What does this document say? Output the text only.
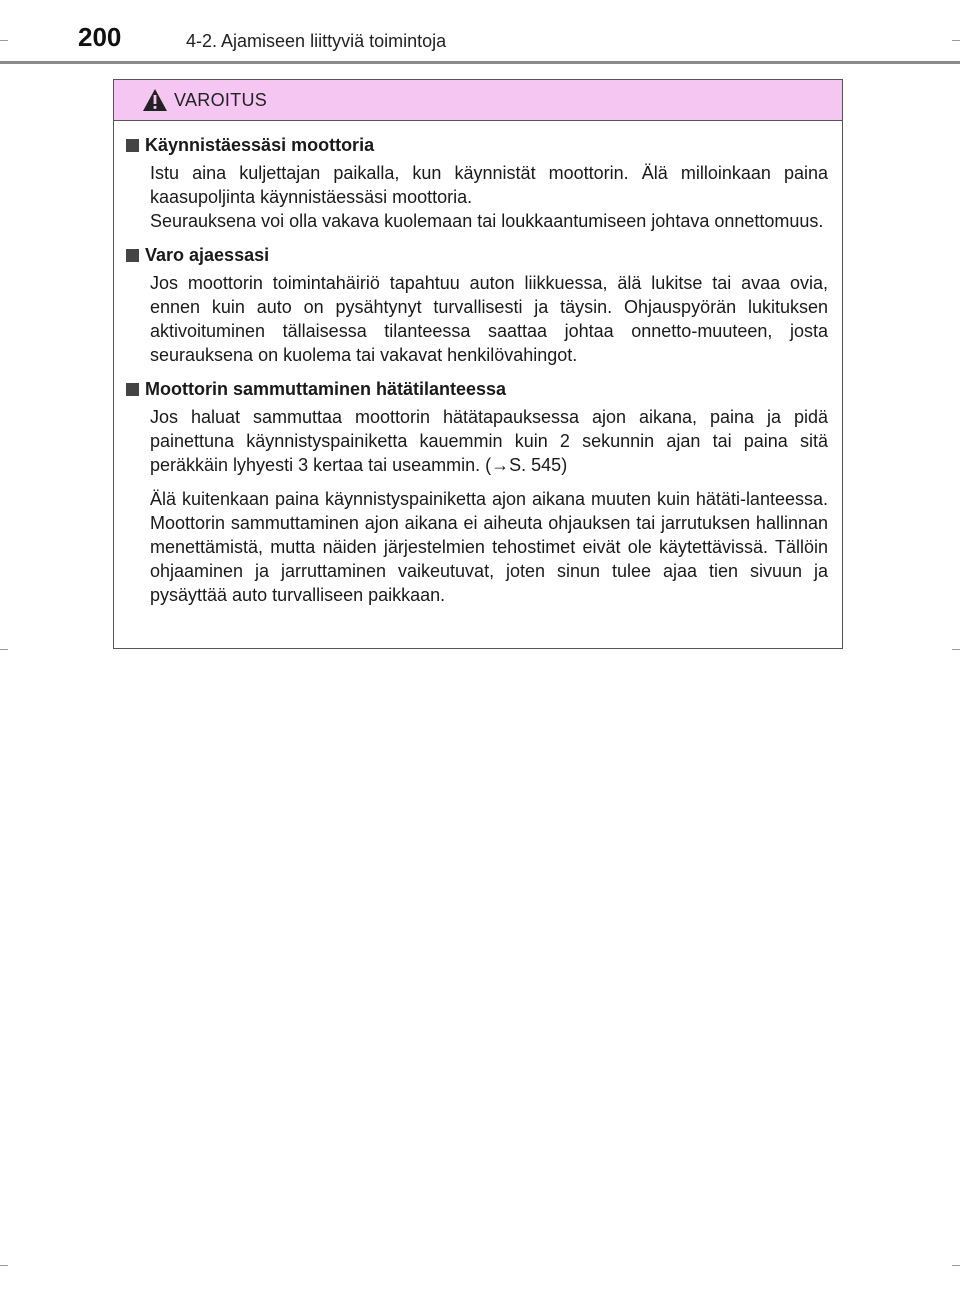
200	4-2. Ajamiseen liittyviä toimintoja
VAROITUS
Käynnistäessäsi moottoria

Istu aina kuljettajan paikalla, kun käynnistät moottorin. Älä milloinkaan paina kaasupoljinta käynnistäessäsi moottoria.

Seurauksena voi olla vakava kuolemaan tai loukkaantumiseen johtava onnettomuus.

Varo ajaessasi

Jos moottorin toimintahäiriö tapahtuu auton liikkuessa, älä lukitse tai avaa ovia, ennen kuin auto on pysähtynyt turvallisesti ja täysin. Ohjauspyörän lukituksen aktivoituminen tällaisessa tilanteessa saattaa johtaa onnetto-muuteen, josta seurauksena on kuolema tai vakavat henkilövahingot.

Moottorin sammuttaminen hätätilanteessa

Jos haluat sammuttaa moottorin hätätapauksessa ajon aikana, paina ja pidä painettuna käynnistyspainiketta kauemmin kuin 2 sekunnin ajan tai paina sitä peräkkäin lyhyesti 3 kertaa tai useammin. (→S. 545)

Älä kuitenkaan paina käynnistyspainiketta ajon aikana muuten kuin hätäti-lanteessa. Moottorin sammuttaminen ajon aikana ei aiheuta ohjauksen tai jarrutuksen hallinnan menettämistä, mutta näiden järjestelmien tehostimet eivät ole käytettävissä. Tällöin ohjaaminen ja jarruttaminen vaikeutuvat, joten sinun tulee ajaa tien sivuun ja pysäyttää auto turvalliseen paikkaan.
